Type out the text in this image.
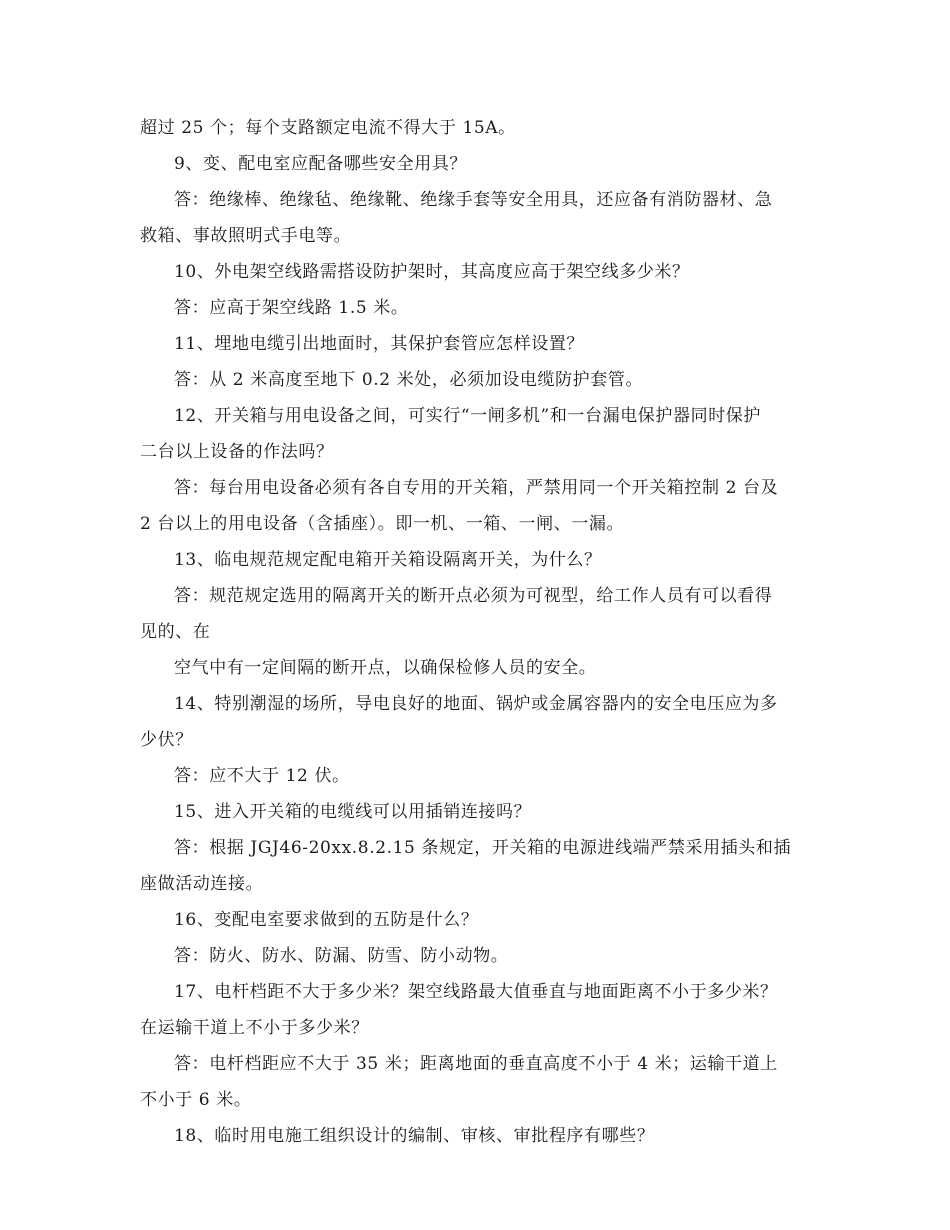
超过 25 个；每个支路额定电流不得大于 15A。
9、变、配电室应配备哪些安全用具？
答：绝缘棒、绝缘毡、绝缘靴、绝缘手套等安全用具，还应备有消防器材、急
救箱、事故照明式手电等。
10、外电架空线路需搭设防护架时，其高度应高于架空线多少米？
答：应高于架空线路 1.5 米。
11、埋地电缆引出地面时，其保护套管应怎样设置？
答：从 2 米高度至地下 0.2 米处，必须加设电缆防护套管。
12、开关箱与用电设备之间，可实行“一闸多机”和一台漏电保护器同时保护
二台以上设备的作法吗？
答：每台用电设备必须有各自专用的开关箱，严禁用同一个开关箱控制 2 台及
2 台以上的用电设备（含插座）。即一机、一箱、一闸、一漏。
13、临电规范规定配电箱开关箱设隔离开关，为什么？
答：规范规定选用的隔离开关的断开点必须为可视型，给工作人员有可以看得
见的、在
空气中有一定间隔的断开点，以确保检修人员的安全。
14、特别潮湿的场所，导电良好的地面、锅炉或金属容器内的安全电压应为多
少伏？
答：应不大于 12 伏。
15、进入开关箱的电缆线可以用插销连接吗？
答：根据 JGJ46-20xx.8.2.15 条规定，开关箱的电源进线端严禁采用插头和插
座做活动连接。
16、变配电室要求做到的五防是什么？
答：防火、防水、防漏、防雪、防小动物。
17、电杆档距不大于多少米？架空线路最大值垂直与地面距离不小于多少米？
在运输干道上不小于多少米？
答：电杆档距应不大于 35 米；距离地面的垂直高度不小于 4 米；运输干道上
不小于 6 米。
18、临时用电施工组织设计的编制、审核、审批程序有哪些？
